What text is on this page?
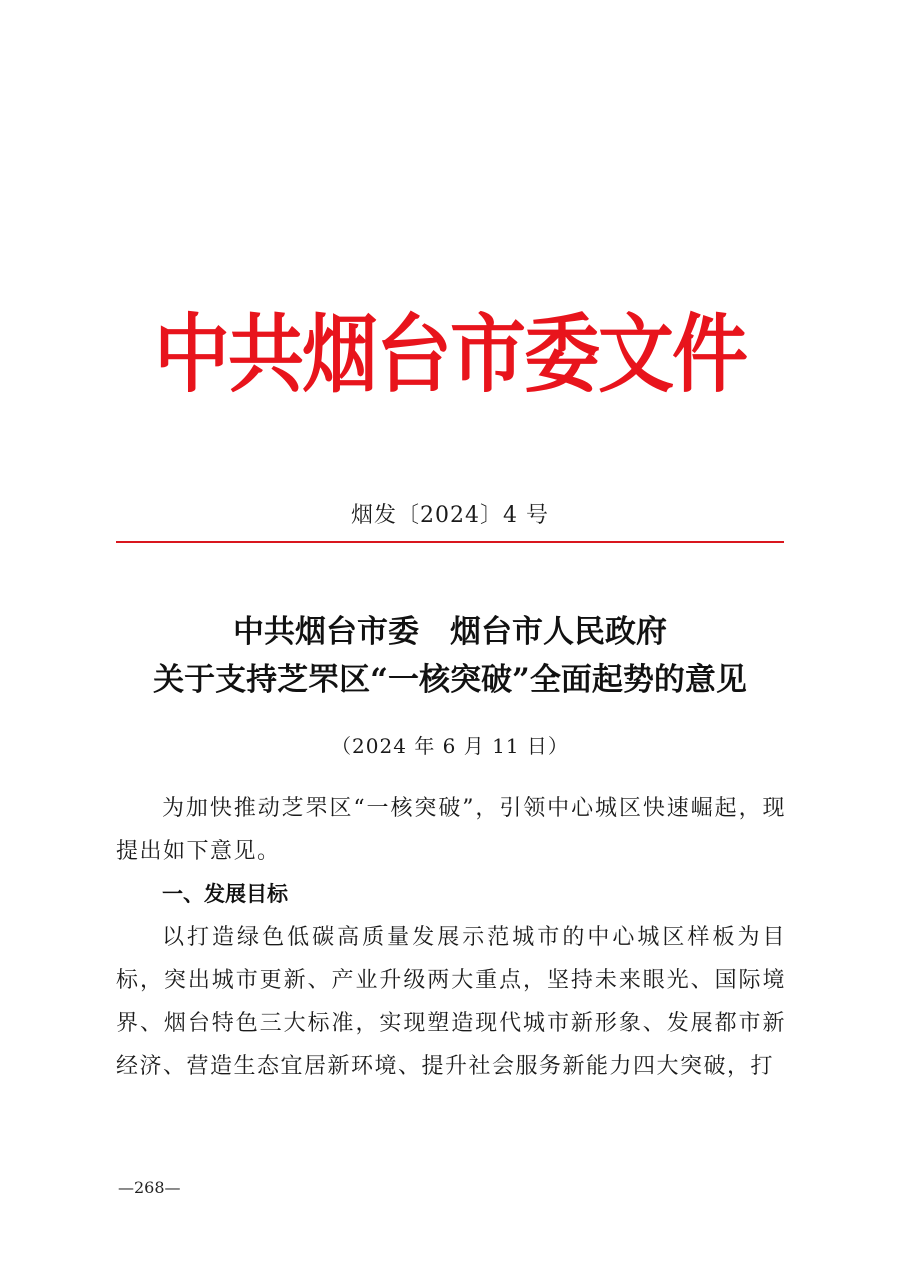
中共烟台市委文件
烟发〔2024〕4 号
中共烟台市委　烟台市人民政府
关于支持芝罘区“一核突破”全面起势的意见
（2024 年 6 月 11 日）
为加快推动芝罘区“一核突破”，引领中心城区快速崛起，现提出如下意见。
一、发展目标
以打造绿色低碳高质量发展示范城市的中心城区样板为目标，突出城市更新、产业升级两大重点，坚持未来眼光、国际境界、烟台特色三大标准，实现塑造现代城市新形象、发展都市新经济、营造生态宜居新环境、提升社会服务新能力四大突破，打
—268—
